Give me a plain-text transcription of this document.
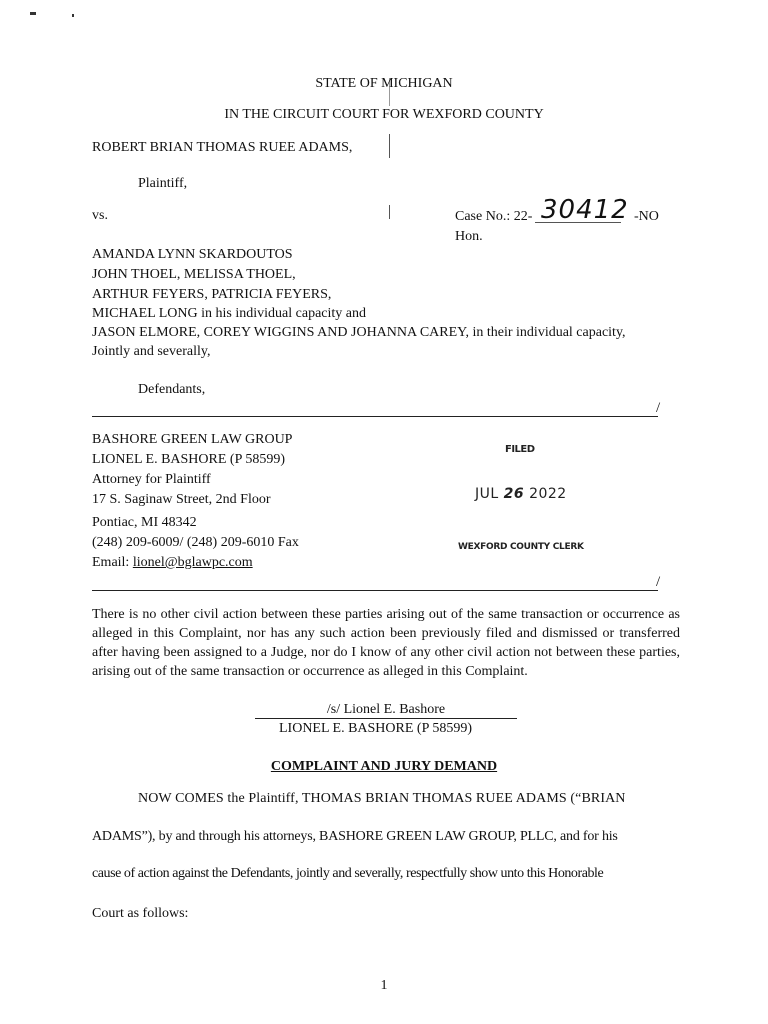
STATE OF MICHIGAN
IN THE CIRCUIT COURT FOR WEXFORD COUNTY
ROBERT BRIAN THOMAS RUEE ADAMS,
Plaintiff,
vs.	Case No.: 22- 30412 -NO
Hon.
AMANDA LYNN SKARDOUTOS
JOHN THOEL, MELISSA THOEL,
ARTHUR FEYERS, PATRICIA FEYERS,
MICHAEL LONG in his individual capacity and
JASON ELMORE, COREY WIGGINS AND JOHANNA CAREY, in their individual capacity,
Jointly and severally,
Defendants,
/
BASHORE GREEN LAW GROUP
LIONEL E. BASHORE (P 58599)
Attorney for Plaintiff
17 S. Saginaw Street, 2nd Floor
Pontiac, MI 48342
(248) 209-6009/ (248) 209-6010 Fax
Email: lionel@bglawpc.com
FILED
JUL 26 2022
WEXFORD COUNTY CLERK
/
There is no other civil action between these parties arising out of the same transaction or occurrence as alleged in this Complaint, nor has any such action been previously filed and dismissed or transferred after having been assigned to a Judge, nor do I know of any other civil action not between these parties, arising out of the same transaction or occurrence as alleged in this Complaint.
/s/ Lionel E. Bashore
LIONEL E. BASHORE (P 58599)
COMPLAINT AND JURY DEMAND
NOW COMES the Plaintiff, THOMAS BRIAN THOMAS RUEE ADAMS (“BRIAN
ADAMS”), by and through his attorneys, BASHORE GREEN LAW GROUP, PLLC, and for his
cause of action against the Defendants, jointly and severally, respectfully show unto this Honorable
Court as follows:
1
